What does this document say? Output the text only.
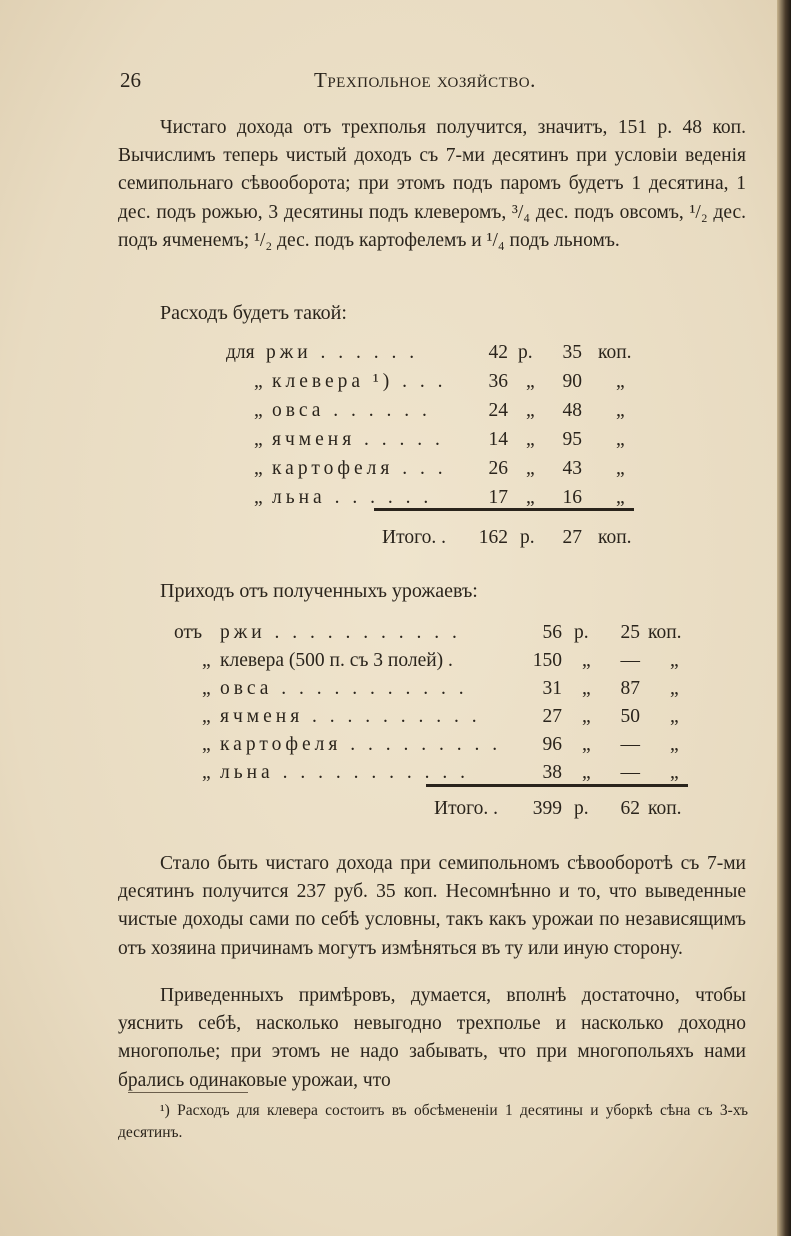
26	Трехпольное хозяйство.

Чистаго дохода отъ трехполья получится, значитъ, 151 р. 48 коп. Вычислимъ теперь чистый доходъ съ 7-ми десятинъ при условіи веденія семипольнаго сѣвооборота; при этомъ подъ паромъ будетъ 1 десятина, 1 дес. подъ рожью, 3 десятины подъ клеверомъ, ³/₄ дес. подъ овсомъ, ¹/₂ дес. подъ ячменемъ; ¹/₂ дес. подъ картофелемъ и ¹/₄ подъ льномъ.

Расходъ будетъ такой:

для ржи . . . . . .	42 р.	35 коп.
„ клевера ¹) . . .	36 „	90 „
„ овса . . . . . .	24 „	48 „
„ ячменя . . . . .	14 „	95 „
„ картофеля . . .	26 „	43 „
„ льна . . . . . .	17 „	16 „
Итого. .	162 р.	27 коп.

Приходъ отъ полученныхъ урожаевъ:

отъ ржи . . . . . . . . . . .	56 р.	25 коп.
„ клевера (500 п. съ 3 полей) .	150 „	— „
„ овса . . . . . . . . . . .	31 „	87 „
„ ячменя . . . . . . . . . .	27 „	50 „
„ картофеля . . . . . . . . .	96 „	— „
„ льна . . . . . . . . . . .	38 „	— „
Итого. .	399 р.	62 коп.

Стало быть чистаго дохода при семипольномъ сѣвооборотѣ съ 7-ми десятинъ получится 237 руб. 35 коп. Несомнѣнно и то, что выведенные чистые доходы сами по себѣ условны, такъ какъ урожаи по независящимъ отъ хозяина причинамъ могутъ измѣняться въ ту или иную сторону.

Приведенныхъ примѣровъ, думается, вполнѣ достаточно, чтобы уяснить себѣ, насколько невыгодно трехполье и насколько доходно многополье; при этомъ не надо забывать, что при многопольяхъ нами брались одинаковые урожаи, что

¹) Расходъ для клевера состоитъ въ обсѣмененіи 1 десятины и уборкѣ сѣна съ 3-хъ десятинъ.
